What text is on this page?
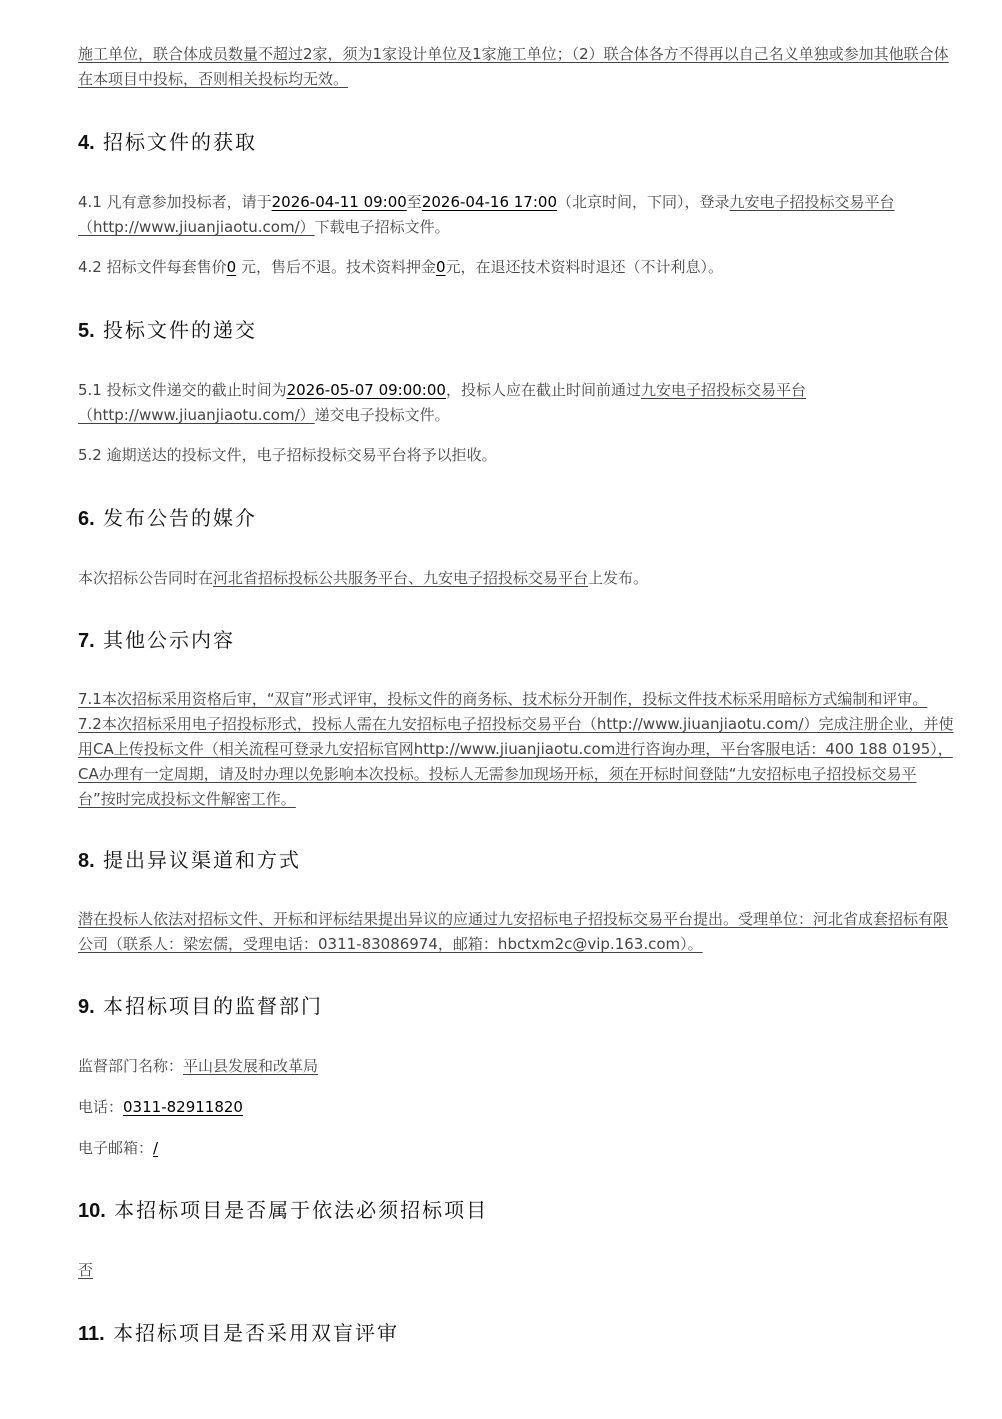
施工单位，联合体成员数量不超过2家，须为1家设计单位及1家施工单位；（2）联合体各方不得再以自己名义单独或参加其他联合体在本项目中投标，否则相关投标均无效。

4. 招标文件的获取

4.1 凡有意参加投标者，请于2026-04-11 09:00至2026-04-16 17:00（北京时间，下同），登录九安电子招投标交易平台（http://www.jiuanjiaotu.com/）下载电子招标文件。

4.2 招标文件每套售价0 元，售后不退。技术资料押金0元，在退还技术资料时退还（不计利息）。

5. 投标文件的递交

5.1 投标文件递交的截止时间为2026-05-07 09:00:00，投标人应在截止时间前通过九安电子招投标交易平台（http://www.jiuanjiaotu.com/）递交电子投标文件。

5.2 逾期送达的投标文件，电子招标投标交易平台将予以拒收。

6. 发布公告的媒介

本次招标公告同时在河北省招标投标公共服务平台、九安电子招投标交易平台上发布。

7. 其他公示内容

7.1本次招标采用资格后审，“双盲”形式评审，投标文件的商务标、技术标分开制作，投标文件技术标采用暗标方式编制和评审。 7.2本次招标采用电子招投标形式，投标人需在九安招标电子招投标交易平台（http://www.jiuanjiaotu.com/）完成注册企业，并使用CA上传投标文件（相关流程可登录九安招标官网http://www.jiuanjiaotu.com进行咨询办理，平台客服电话：400 188 0195），CA办理有一定周期，请及时办理以免影响本次投标。投标人无需参加现场开标，须在开标时间登陆“九安招标电子招投标交易平台”按时完成投标文件解密工作。

8. 提出异议渠道和方式

潜在投标人依法对招标文件、开标和评标结果提出异议的应通过九安招标电子招投标交易平台提出。受理单位：河北省成套招标有限公司（联系人：梁宏儒，受理电话：0311-83086974，邮箱：hbctxm2c@vip.163.com）。

9. 本招标项目的监督部门

监督部门名称：平山县发展和改革局

电话：0311-82911820

电子邮箱：/

10. 本招标项目是否属于依法必须招标项目

否

11. 本招标项目是否采用双盲评审
